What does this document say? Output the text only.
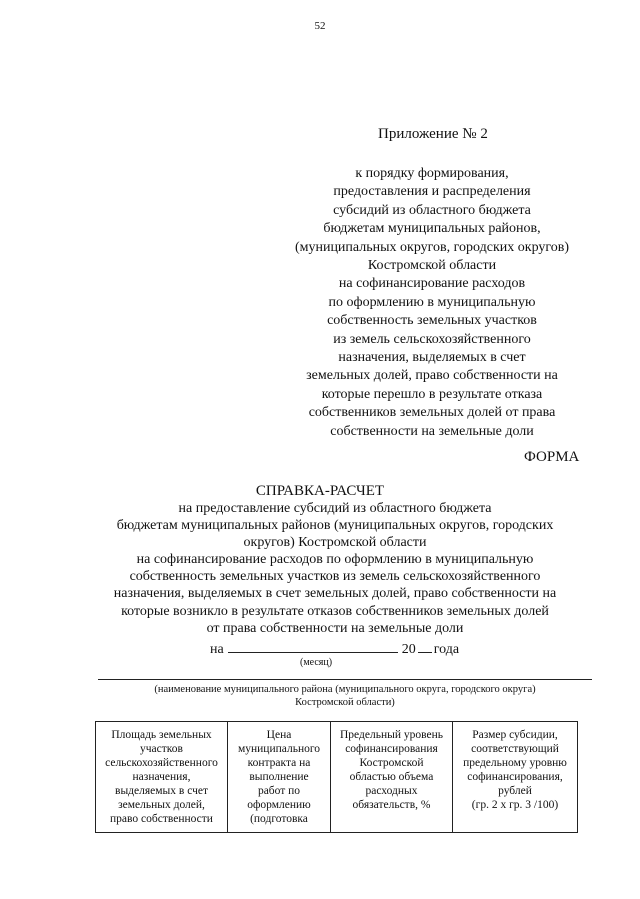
52
Приложение № 2
к порядку формирования,
предоставления и распределения
субсидий из областного бюджета
бюджетам муниципальных районов,
(муниципальных округов, городских округов)
Костромской области
на софинансирование расходов
по оформлению в муниципальную
собственность земельных участков
из земель сельскохозяйственного
назначения, выделяемых в счет
земельных долей, право собственности на
которые перешло в результате отказа
собственников земельных долей от права
собственности на земельные доли
ФОРМА
СПРАВКА-РАСЧЕТ
на предоставление субсидий из областного бюджета
бюджетам муниципальных районов (муниципальных округов, городских
округов) Костромской области
на софинансирование расходов по оформлению в муниципальную
собственность земельных участков из земель сельскохозяйственного
назначения, выделяемых в счет земельных долей, право собственности на
которые возникло в результате отказов собственников земельных долей
от права собственности на земельные доли
на	20 года
(месяц)
(наименование муниципального района (муниципального округа, городского округа)
Костромской области)
Площадь земельных
участков
сельскохозяйственного
назначения,
выделяемых в счет
земельных долей,
право собственности

Цена
муниципального
контракта на
выполнение
работ по
оформлению
(подготовка

Предельный уровень
софинансирования
Костромской
областью объема
расходных
обязательств, %

Размер субсидии,
соответствующий
предельному уровню
софинансирования,
рублей
(гр. 2 х гр. 3 /100)
